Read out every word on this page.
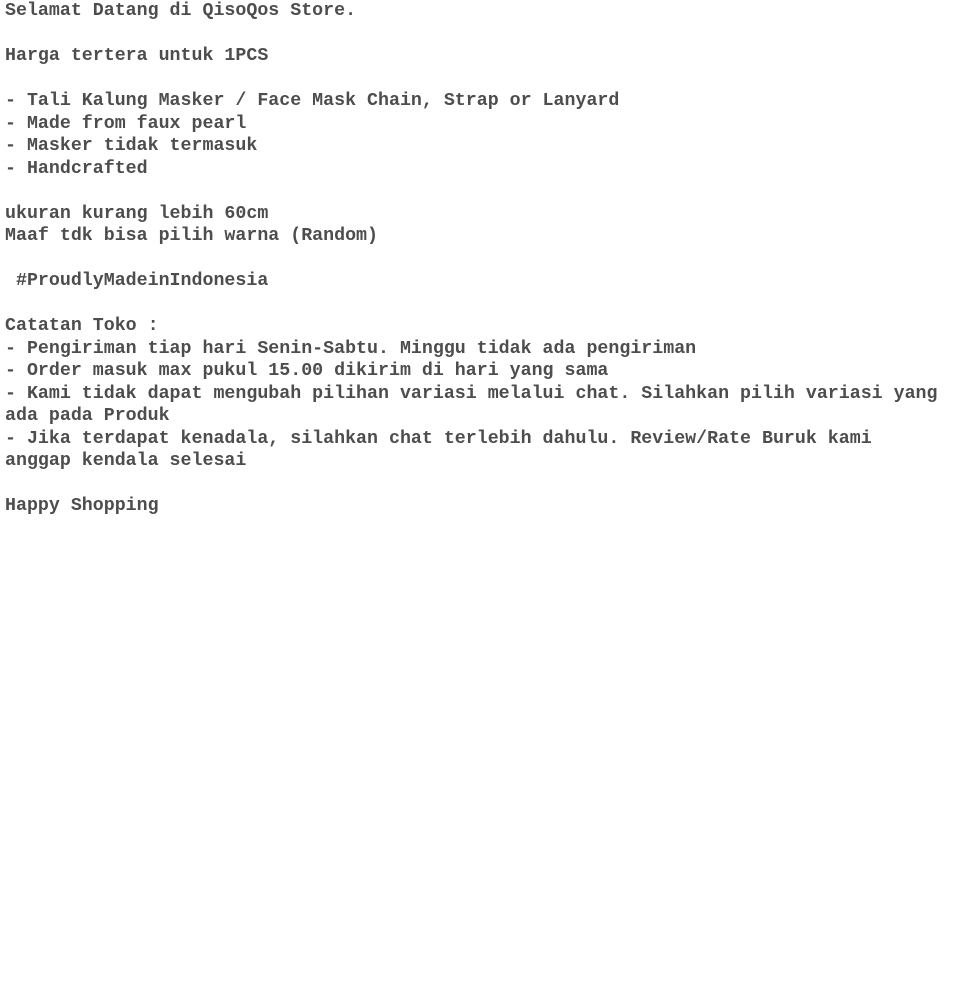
Selamat Datang di QisoQos Store.
Harga tertera untuk 1PCS
- Tali Kalung Masker / Face Mask Chain, Strap or Lanyard
- Made from faux pearl
- Masker tidak termasuk
- Handcrafted
ukuran kurang lebih 60cm
Maaf tdk bisa pilih warna (Random)
#ProudlyMadeinIndonesia
Catatan Toko :
- Pengiriman tiap hari Senin-Sabtu. Minggu tidak ada pengiriman
- Order masuk max pukul 15.00 dikirim di hari yang sama
- Kami tidak dapat mengubah pilihan variasi melalui chat. Silahkan pilih variasi yang ada pada Produk
- Jika terdapat kenadala, silahkan chat terlebih dahulu. Review/Rate Buruk kami anggap kendala selesai
Happy Shopping
